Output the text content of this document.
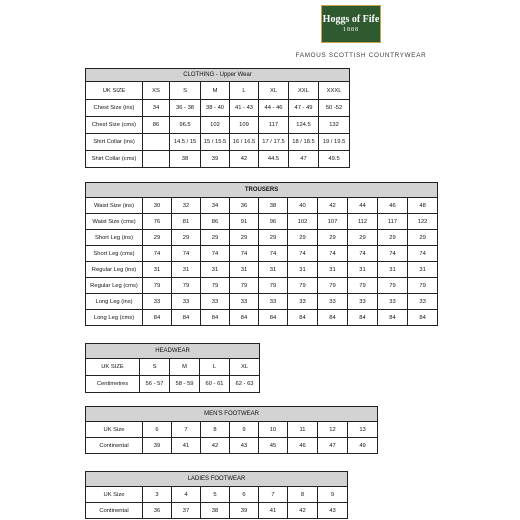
Hoggs of Fife
1888
FAMOUS SCOTTISH COUNTRYWEAR
CLOTHING - Upper Wear							
UK SIZE	XS	S	M	L	XL	XXL	XXXL
Chest Size (ins)	34	36 - 38	38 - 40	41 - 43	44 - 46	47 - 49	50 -52
Chest Size (cms)	86	96.5	102	109	117	124.5	132
Shirt Collar (ins)		14.5 / 15	15 / 15.5	16 / 16.5	17 / 17.5	18 / 18.5	19 / 19.5
Shirt Collar (cms)		38	39	42	44.5	47	49.5
TROUSERS										
Waist Size (ins)	30	32	34	36	38	40	42	44	46	48
Waist Size (cms)	76	81	86	91	96	102	107	112	117	122
Short Leg (ins)	29	29	29	29	29	29	29	29	29	29
Short Leg (cms)	74	74	74	74	74	74	74	74	74	74
Regular Leg (ins)	31	31	31	31	31	31	31	31	31	31
Regular Leg (cms)	79	79	79	79	79	79	79	79	79	79
Long Leg (ins)	33	33	33	33	33	33	33	33	33	33
Long Leg (cms)	84	84	84	84	84	84	84	84	84	84
HEADWEAR				
UK SIZE	S	M	L	XL
Centimetres	56 - 57	58 - 59	60 - 61	62 - 63
MEN'S FOOTWEAR								
UK Size	6	7	8	9	10	11	12	13
Continental	39	41	42	43	45	46	47	49
LADIES FOOTWEAR							
UK Size	3	4	5	6	7	8	9
Continental	36	37	38	39	41	42	43
